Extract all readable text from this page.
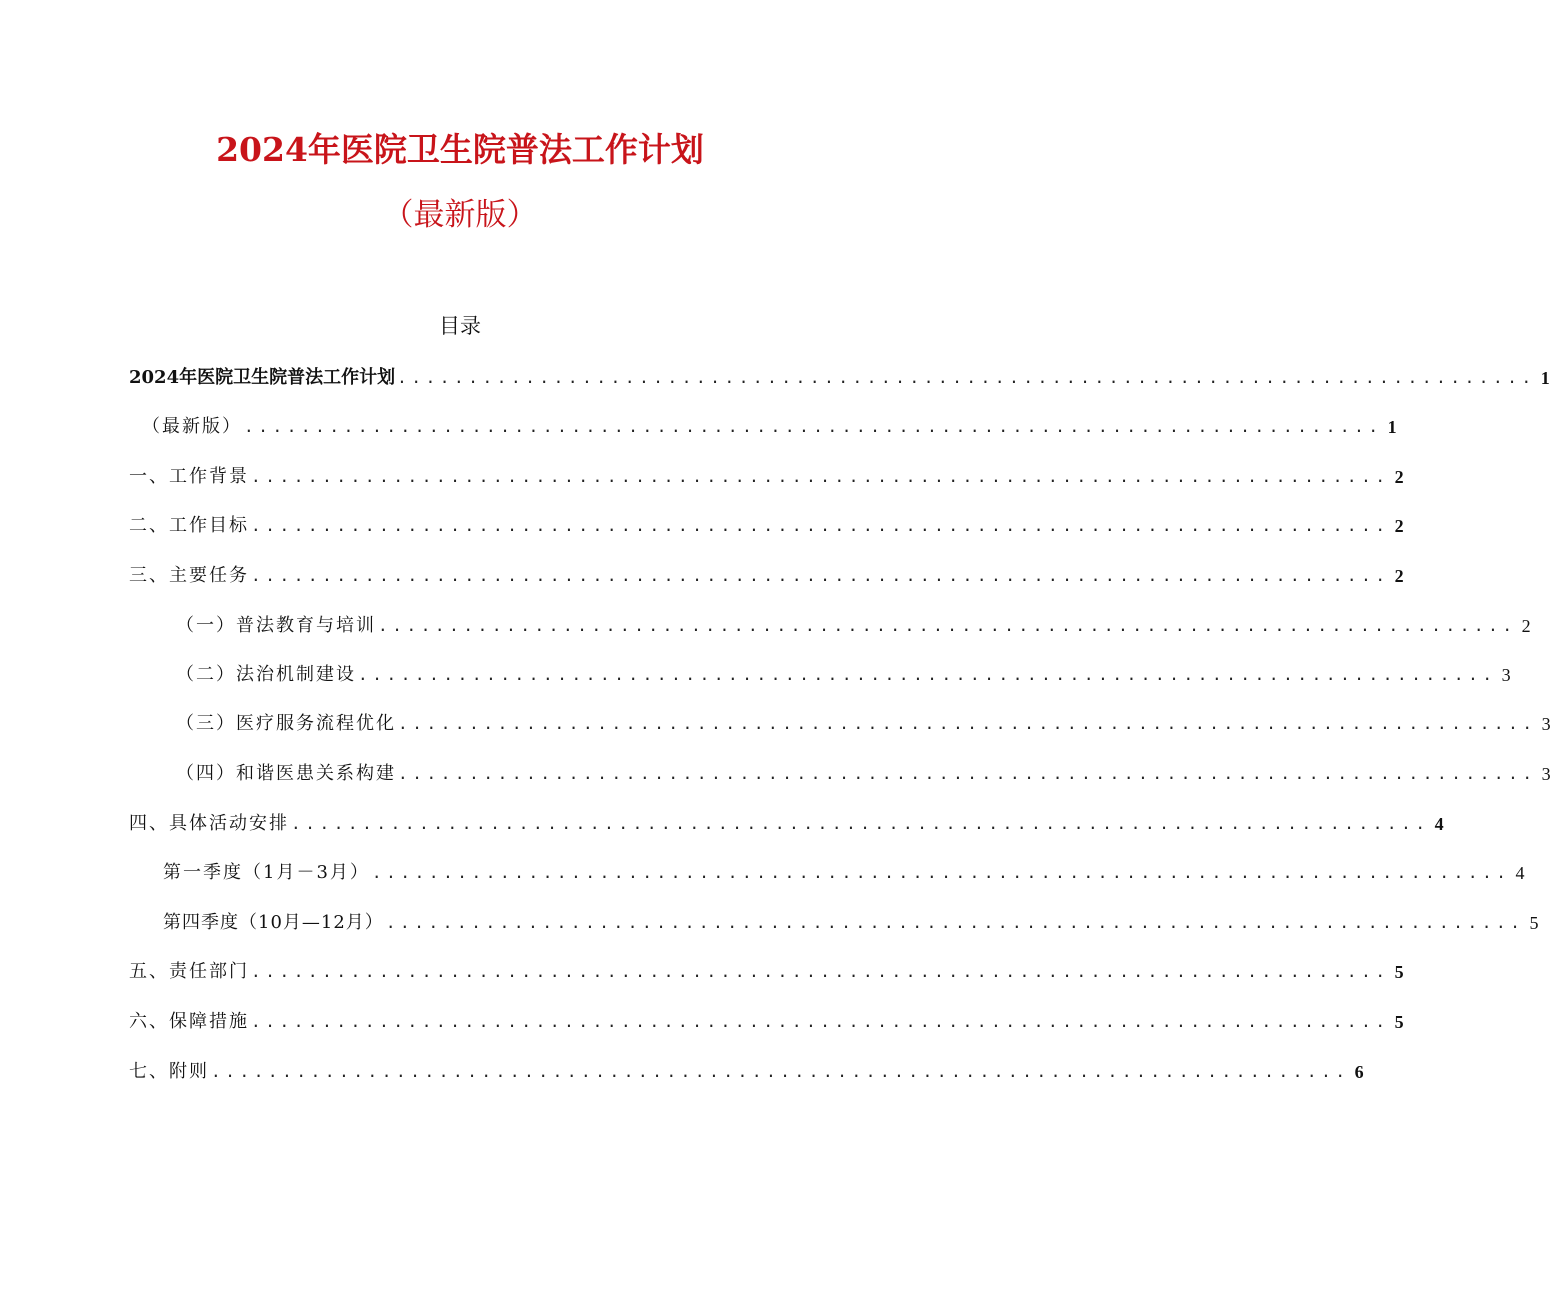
2024年医院卫生院普法工作计划
（最新版）
目录
2024年医院卫生院普法工作计划 ................................................................................ 1
（最新版） ................................................................................ 1
一、工作背景 ................................................................................ 2
二、工作目标 ................................................................................ 2
三、主要任务 ................................................................................ 2
（一）普法教育与培训 ................................................................................ 2
（二）法治机制建设 ................................................................................ 3
（三）医疗服务流程优化 ................................................................................ 3
（四）和谐医患关系构建 ................................................................................ 3
四、具体活动安排 ................................................................................ 4
第一季度（1月－3月） ................................................................................ 4
第四季度（10月—12月） ................................................................................ 5
五、责任部门 ................................................................................ 5
六、保障措施 ................................................................................ 5
七、附则 ................................................................................ 6
